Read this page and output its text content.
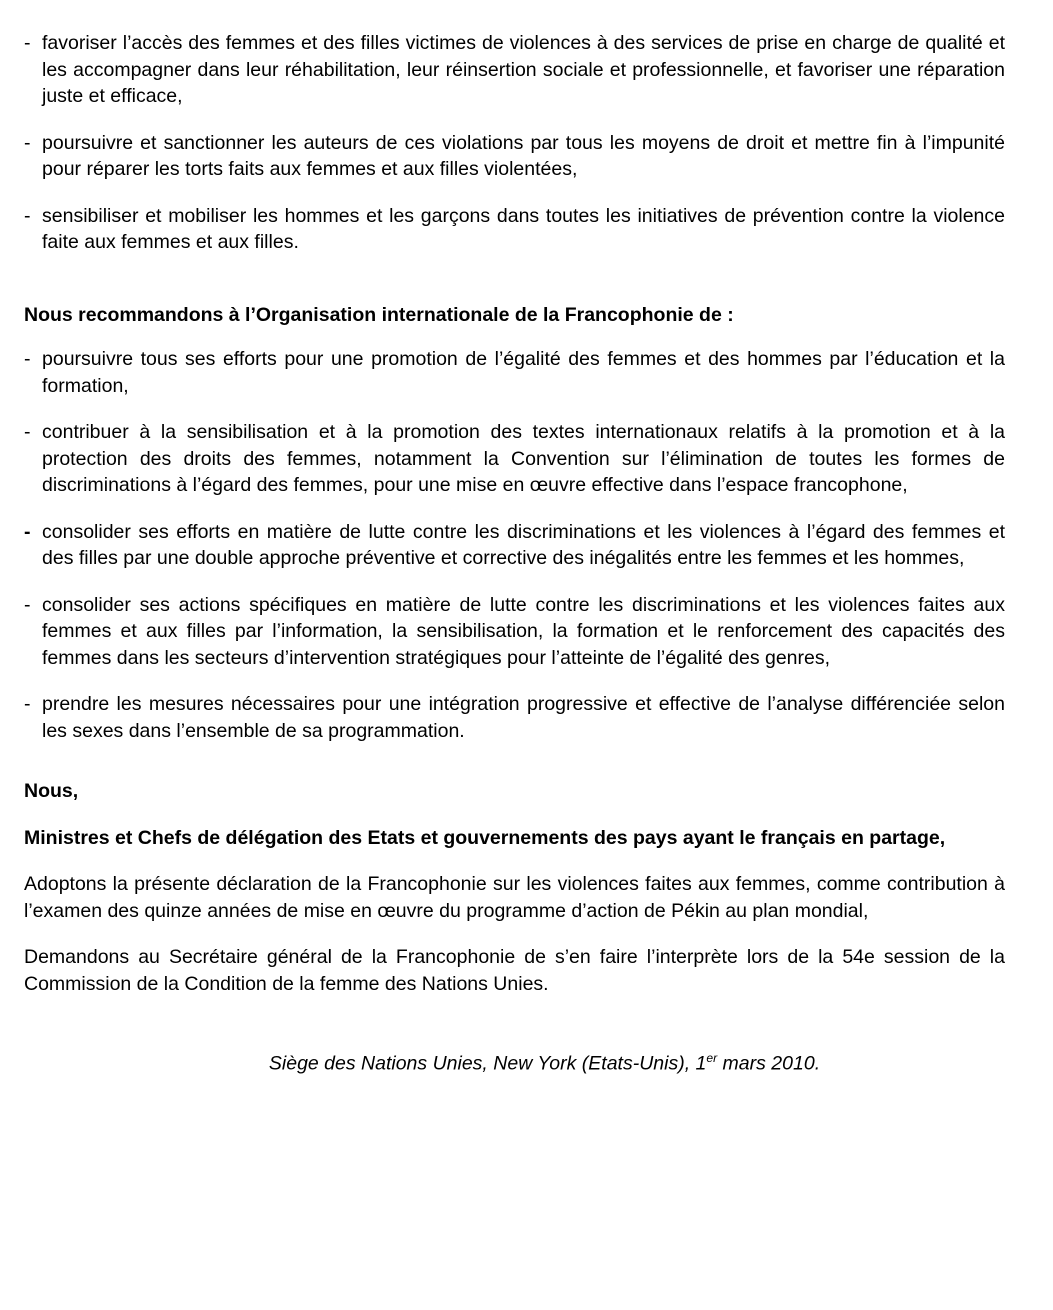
- favoriser l’accès des femmes et des filles victimes de violences à des services de prise en charge de qualité et les accompagner dans leur réhabilitation, leur réinsertion sociale et professionnelle, et favoriser une réparation juste et efficace,
- poursuivre et sanctionner les auteurs de ces violations par tous les moyens de droit et mettre fin à l’impunité pour réparer les torts faits aux femmes et aux filles violentées,
- sensibiliser et mobiliser les hommes et les garçons dans toutes les initiatives de prévention contre la violence faite aux femmes et aux filles.

Nous recommandons à l’Organisation internationale de la Francophonie de :

- poursuivre tous ses efforts pour une promotion de l’égalité des femmes et des hommes par l’éducation et la formation,
- contribuer à la sensibilisation et à la promotion des textes internationaux relatifs à la promotion et à la protection des droits des femmes, notamment la Convention sur l’élimination de toutes les formes de discriminations à l’égard des femmes, pour une mise en œuvre effective dans l’espace francophone,
- consolider ses efforts en matière de lutte contre les discriminations et les violences à l’égard des femmes et des filles par une double approche préventive et corrective des inégalités entre les femmes et les hommes,
- consolider ses actions spécifiques en matière de lutte contre les discriminations et les violences faites aux femmes et aux filles par l’information, la sensibilisation, la formation et le renforcement des capacités des femmes dans les secteurs d’intervention stratégiques pour l’atteinte de l’égalité des genres,
- prendre les mesures nécessaires pour une intégration progressive et effective de l’analyse différenciée selon les sexes dans l’ensemble de sa programmation.

Nous,

Ministres et Chefs de délégation des Etats et gouvernements des pays ayant le français en partage,

Adoptons la présente déclaration de la Francophonie sur les violences faites aux femmes, comme contribution à l’examen des quinze années de mise en œuvre du programme d’action de Pékin au plan mondial,

Demandons au Secrétaire général de la Francophonie de s’en faire l’interprète lors de la 54e session de la Commission de la Condition de la femme des Nations Unies.

Siège des Nations Unies, New York (Etats-Unis), 1er mars 2010.
